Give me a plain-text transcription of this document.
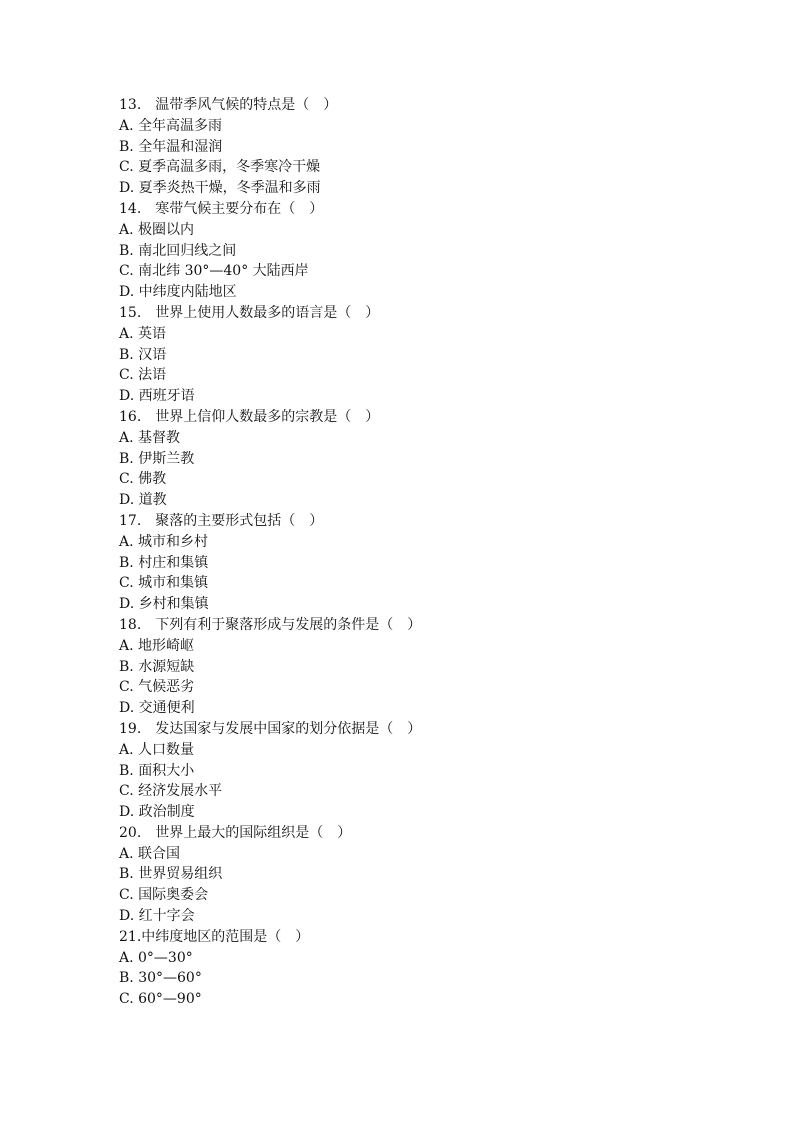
13.　温带季风气候的特点是（　）
A. 全年高温多雨
B. 全年温和湿润
C. 夏季高温多雨，冬季寒冷干燥
D. 夏季炎热干燥，冬季温和多雨
14.　寒带气候主要分布在（　）
A. 极圈以内
B. 南北回归线之间
C. 南北纬 30°—40° 大陆西岸
D. 中纬度内陆地区
15.　世界上使用人数最多的语言是（　）
A. 英语
B. 汉语
C. 法语
D. 西班牙语
16.　世界上信仰人数最多的宗教是（　）
A. 基督教
B. 伊斯兰教
C. 佛教
D. 道教
17.　聚落的主要形式包括（　）
A. 城市和乡村
B. 村庄和集镇
C. 城市和集镇
D. 乡村和集镇
18.　下列有利于聚落形成与发展的条件是（　）
A. 地形崎岖
B. 水源短缺
C. 气候恶劣
D. 交通便利
19.　发达国家与发展中国家的划分依据是（　）
A. 人口数量
B. 面积大小
C. 经济发展水平
D. 政治制度
20.　世界上最大的国际组织是（　）
A. 联合国
B. 世界贸易组织
C. 国际奥委会
D. 红十字会
21.中纬度地区的范围是（　）
A. 0°—30°
B. 30°—60°
C. 60°—90°
